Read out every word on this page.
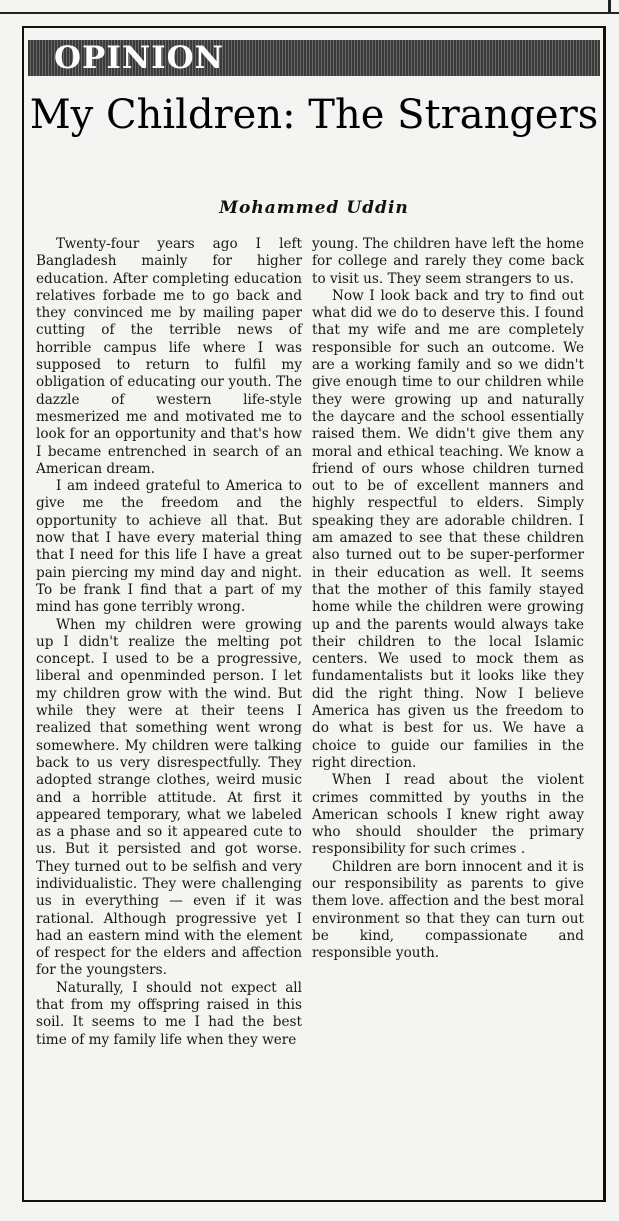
OPINION
My Children: The Strangers
Mohammed Uddin

Twenty-four years ago I left Bangladesh mainly for higher education. After completing education relatives forbade me to go back and they convinced me by mailing paper cutting of the terrible news of horrible campus life where I was supposed to return to fulfil my obligation of educating our youth. The dazzle of western life-style mesmerized me and motivated me to look for an opportunity and that's how I became entrenched in search of an American dream.

I am indeed grateful to America to give me the freedom and the opportunity to achieve all that. But now that I have every material thing that I need for this life I have a great pain piercing my mind day and night. To be frank I find that a part of my mind has gone terribly wrong.

When my children were growing up I didn't realize the melting pot concept. I used to be a progressive, liberal and openminded person. I let my children grow with the wind. But while they were at their teens I realized that something went wrong somewhere. My children were talking back to us very disrespectfully. They adopted strange clothes, weird music and a horrible attitude. At first it appeared temporary, what we labeled as a phase and so it appeared cute to us. But it persisted and got worse. They turned out to be selfish and very individualistic. They were challenging us in everything — even if it was rational. Although progressive yet I had an eastern mind with the element of respect for the elders and affection for the youngsters.

Naturally, I should not expect all that from my offspring raised in this soil. It seems to me I had the best time of my family life when they were

young. The children have left the home for college and rarely they come back to visit us. They seem strangers to us.

Now I look back and try to find out what did we do to deserve this. I found that my wife and me are completely responsible for such an outcome. We are a working family and so we didn't give enough time to our children while they were growing up and naturally the daycare and the school essentially raised them. We didn't give them any moral and ethical teaching. We know a friend of ours whose children turned out to be of excellent manners and highly respectful to elders. Simply speaking they are adorable children. I am amazed to see that these children also turned out to be super-performer in their education as well. It seems that the mother of this family stayed home while the children were growing up and the parents would always take their children to the local Islamic centers. We used to mock them as fundamentalists but it looks like they did the right thing. Now I believe America has given us the freedom to do what is best for us. We have a choice to guide our families in the right direction.

When I read about the violent crimes committed by youths in the American schools I knew right away who should shoulder the primary responsibility for such crimes .

Children are born innocent and it is our responsibility as parents to give them love. affection and the best moral environment so that they can turn out be kind, compassionate and responsible youth.
